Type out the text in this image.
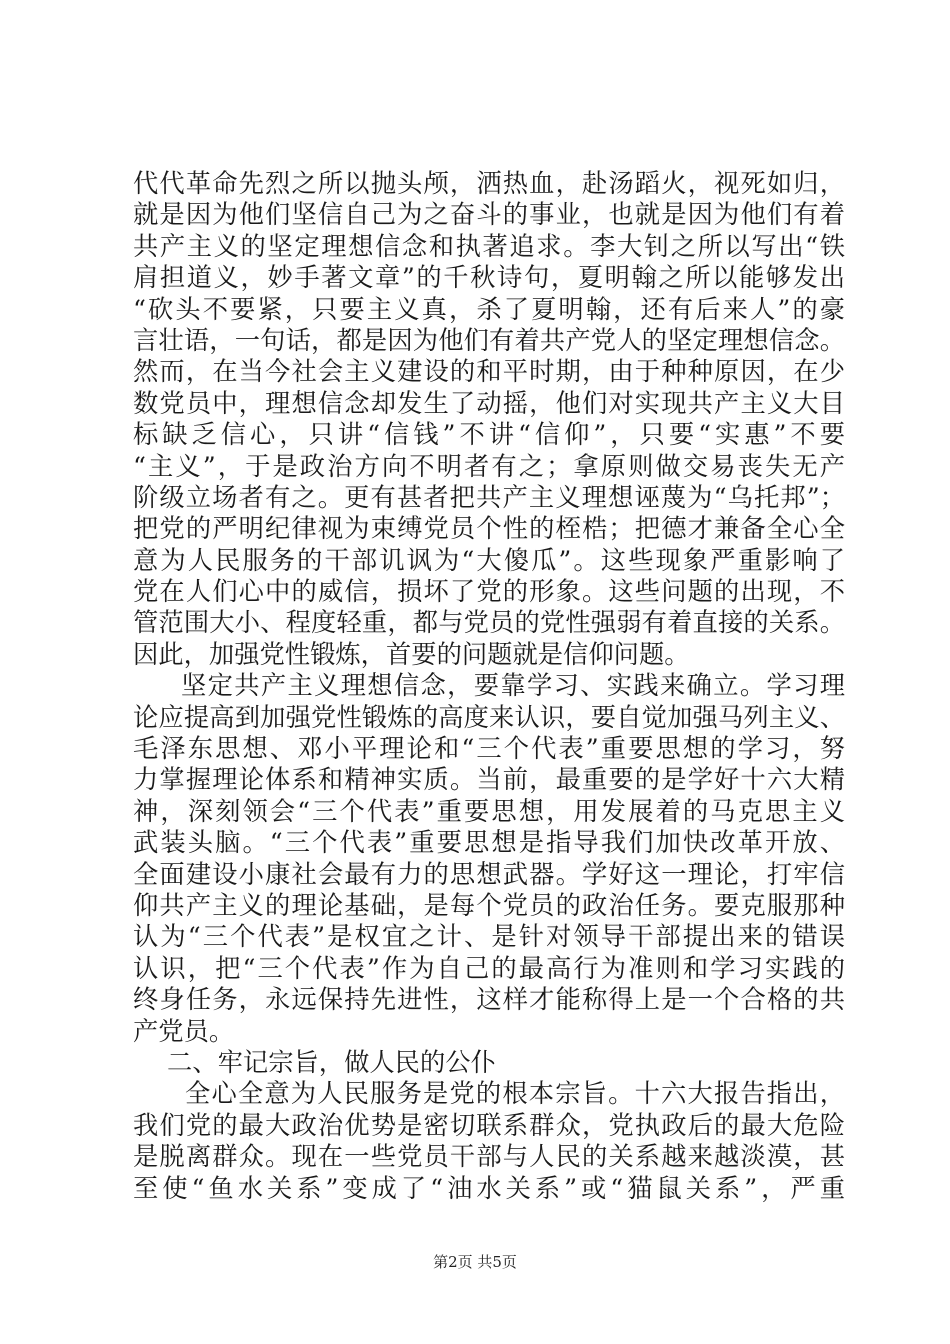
代代革命先烈之所以抛头颅，洒热血，赴汤蹈火，视死如归，
就是因为他们坚信自己为之奋斗的事业，也就是因为他们有着
共产主义的坚定理想信念和执著追求。李大钊之所以写出“铁
肩担道义，妙手著文章”的千秋诗句，夏明翰之所以能够发出
“砍头不要紧，只要主义真，杀了夏明翰，还有后来人”的豪
言壮语，一句话，都是因为他们有着共产党人的坚定理想信念。
然而，在当今社会主义建设的和平时期，由于种种原因，在少
数党员中，理想信念却发生了动摇，他们对实现共产主义大目
标缺乏信心，只讲“信钱”不讲“信仰”，只要“实惠”不要
“主义”，于是政治方向不明者有之；拿原则做交易丧失无产
阶级立场者有之。更有甚者把共产主义理想诬蔑为“乌托邦”；
把党的严明纪律视为束缚党员个性的桎梏；把德才兼备全心全
意为人民服务的干部讥讽为“大傻瓜”。这些现象严重影响了
党在人们心中的威信，损坏了党的形象。这些问题的出现，不
管范围大小、程度轻重，都与党员的党性强弱有着直接的关系。
因此，加强党性锻炼，首要的问题就是信仰问题。
坚定共产主义理想信念，要靠学习、实践来确立。学习理
论应提高到加强党性锻炼的高度来认识，要自觉加强马列主义、
毛泽东思想、邓小平理论和“三个代表”重要思想的学习，努
力掌握理论体系和精神实质。当前，最重要的是学好十六大精
神，深刻领会“三个代表”重要思想，用发展着的马克思主义
武装头脑。“三个代表”重要思想是指导我们加快改革开放、
全面建设小康社会最有力的思想武器。学好这一理论，打牢信
仰共产主义的理论基础，是每个党员的政治任务。要克服那种
认为“三个代表”是权宜之计、是针对领导干部提出来的错误
认识，把“三个代表”作为自己的最高行为准则和学习实践的
终身任务，永远保持先进性，这样才能称得上是一个合格的共
产党员。
二、牢记宗旨，做人民的公仆
全心全意为人民服务是党的根本宗旨。十六大报告指出，
我们党的最大政治优势是密切联系群众，党执政后的最大危险
是脱离群众。现在一些党员干部与人民的关系越来越淡漠，甚
至使“鱼水关系”变成了“油水关系”或“猫鼠关系”，严重
第2页 共5页
